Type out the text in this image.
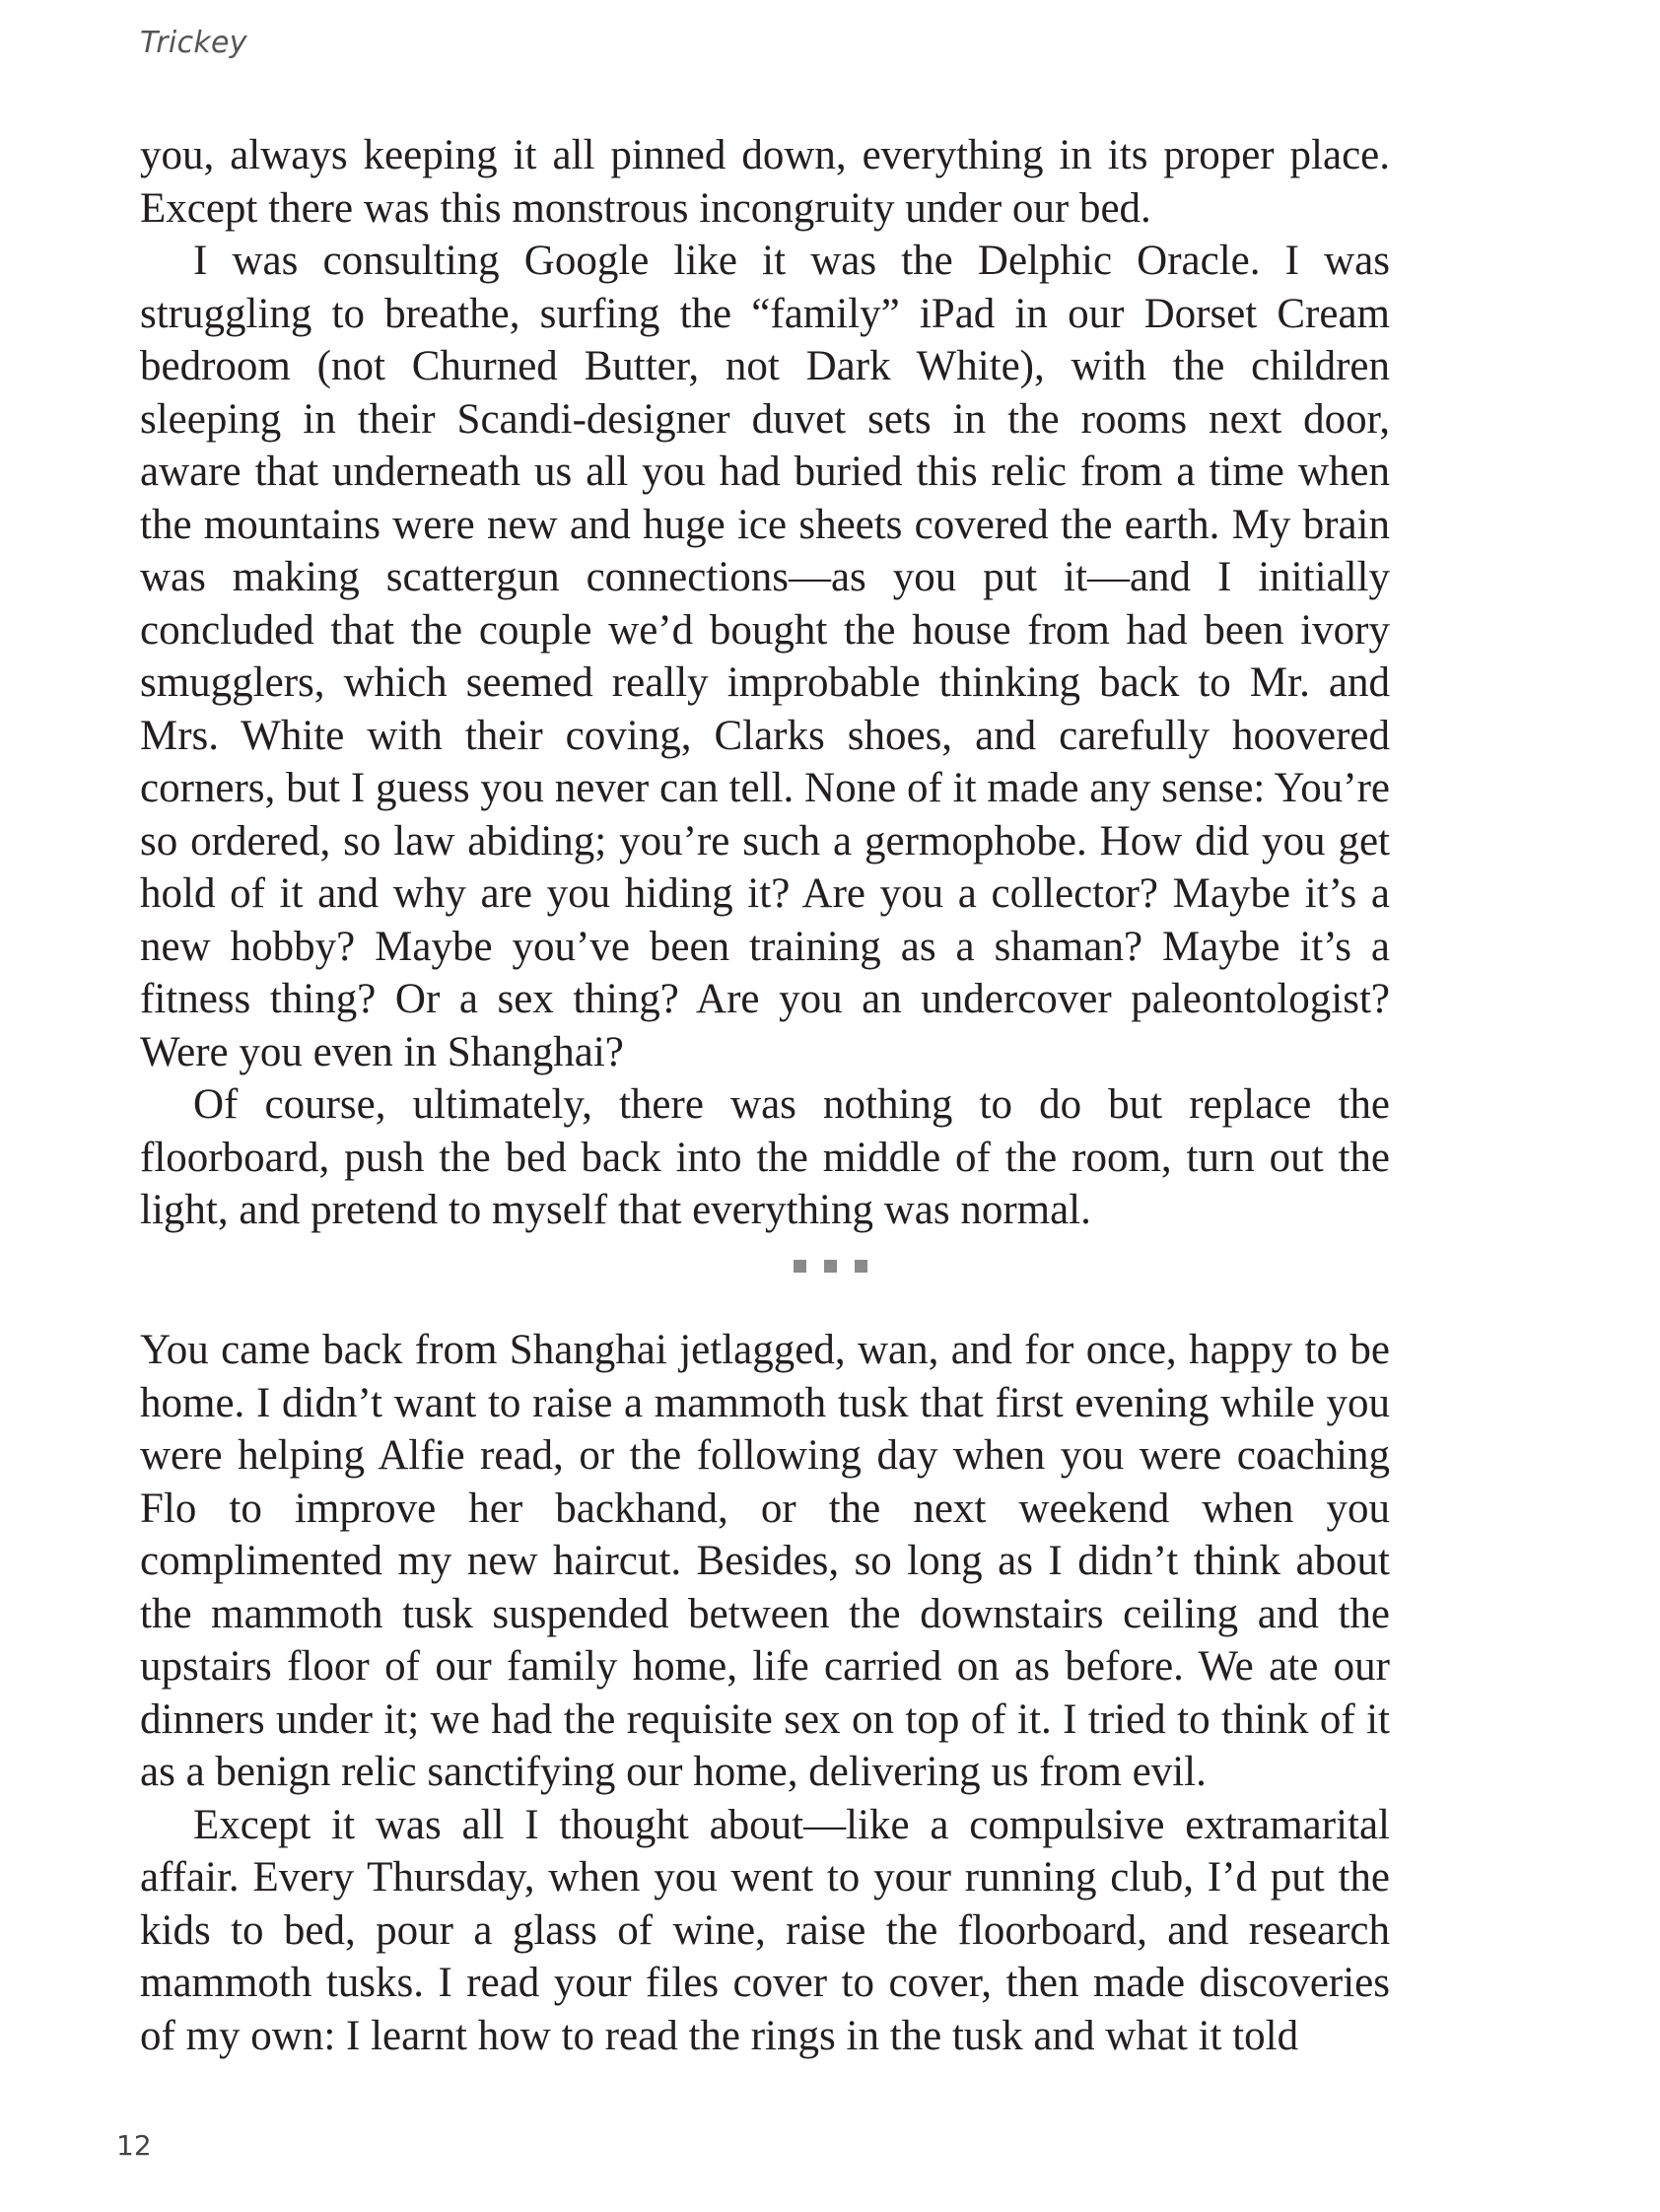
Trickey

you, always keeping it all pinned down, everything in its proper place. Except there was this monstrous incongruity under our bed.

I was consulting Google like it was the Delphic Oracle. I was struggling to breathe, surfing the “family” iPad in our Dorset Cream bedroom (not Churned Butter, not Dark White), with the children sleeping in their Scandi-designer duvet sets in the rooms next door, aware that underneath us all you had buried this relic from a time when the mountains were new and huge ice sheets covered the earth. My brain was making scattergun connections—as you put it—and I initially concluded that the couple we’d bought the house from had been ivory smugglers, which seemed really improbable thinking back to Mr. and Mrs. White with their coving, Clarks shoes, and carefully hoovered corners, but I guess you never can tell. None of it made any sense: You’re so ordered, so law abiding; you’re such a germophobe. How did you get hold of it and why are you hiding it? Are you a collector? Maybe it’s a new hobby? Maybe you’ve been training as a shaman? Maybe it’s a fitness thing? Or a sex thing? Are you an undercover paleontologist? Were you even in Shanghai?

Of course, ultimately, there was nothing to do but replace the floorboard, push the bed back into the middle of the room, turn out the light, and pretend to myself that everything was normal.

You came back from Shanghai jetlagged, wan, and for once, happy to be home. I didn’t want to raise a mammoth tusk that first evening while you were helping Alfie read, or the following day when you were coaching Flo to improve her backhand, or the next weekend when you complimented my new haircut. Besides, so long as I didn’t think about the mammoth tusk suspended between the downstairs ceiling and the upstairs floor of our family home, life carried on as before. We ate our dinners under it; we had the requisite sex on top of it. I tried to think of it as a benign relic sanctifying our home, delivering us from evil.

Except it was all I thought about—like a compulsive extramarital affair. Every Thursday, when you went to your running club, I’d put the kids to bed, pour a glass of wine, raise the floorboard, and research mammoth tusks. I read your files cover to cover, then made discoveries of my own: I learnt how to read the rings in the tusk and what it told

12
